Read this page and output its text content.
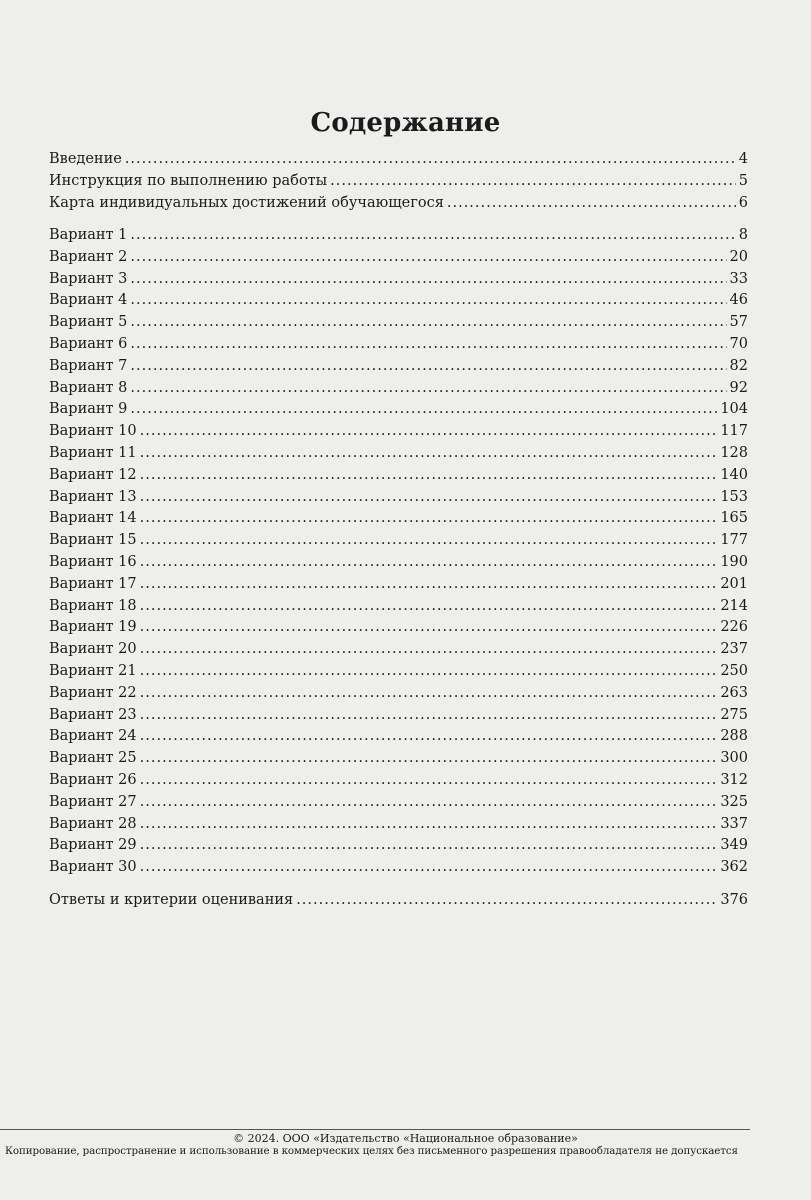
Содержание
Введение .....	4
Инструкция по выполнению работы .....	5
Карта индивидуальных достижений обучающегося .....	6
Вариант 1 .....	8
Вариант 2 .....	20
Вариант 3 .....	33
Вариант 4 .....	46
Вариант 5 .....	57
Вариант 6 .....	70
Вариант 7 .....	82
Вариант 8 .....	92
Вариант 9 .....	104
Вариант 10 .....	117
Вариант 11 .....	128
Вариант 12 .....	140
Вариант 13 .....	153
Вариант 14 .....	165
Вариант 15 .....	177
Вариант 16 .....	190
Вариант 17 .....	201
Вариант 18 .....	214
Вариант 19 .....	226
Вариант 20 .....	237
Вариант 21 .....	250
Вариант 22 .....	263
Вариант 23 .....	275
Вариант 24 .....	288
Вариант 25 .....	300
Вариант 26 .....	312
Вариант 27 .....	325
Вариант 28 .....	337
Вариант 29 .....	349
Вариант 30 .....	362
Ответы и критерии оценивания .....	376
© 2024. ООО «Издательство «Национальное образование»
Копирование, распространение и использование в коммерческих целях без письменного разрешения правообладателя не допускается
